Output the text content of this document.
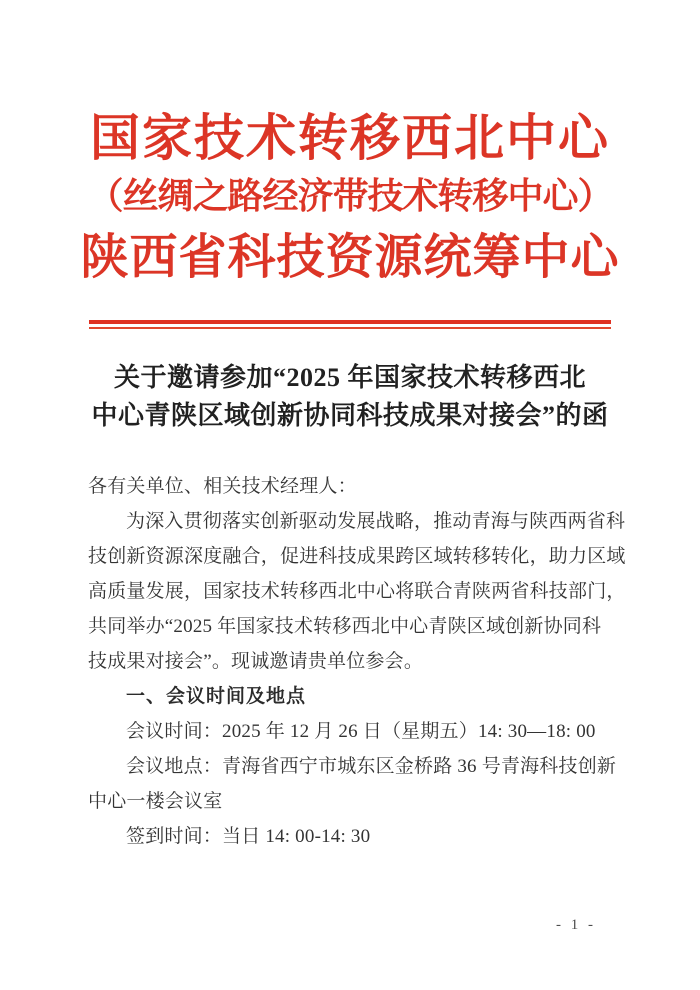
国家技术转移西北中心
（丝绸之路经济带技术转移中心）
陕西省科技资源统筹中心
关于邀请参加“2025 年国家技术转移西北
中心青陕区域创新协同科技成果对接会”的函
各有关单位、相关技术经理人：
为深入贯彻落实创新驱动发展战略，推动青海与陕西两省科
技创新资源深度融合，促进科技成果跨区域转移转化，助力区域
高质量发展，国家技术转移西北中心将联合青陕两省科技部门，
共同举办“2025 年国家技术转移西北中心青陕区域创新协同科
技成果对接会”。现诚邀请贵单位参会。
一、会议时间及地点
会议时间：2025 年 12 月 26 日（星期五）14: 30—18: 00
会议地点：青海省西宁市城东区金桥路 36 号青海科技创新
中心一楼会议室
签到时间：当日 14: 00-14: 30
- 1 -
